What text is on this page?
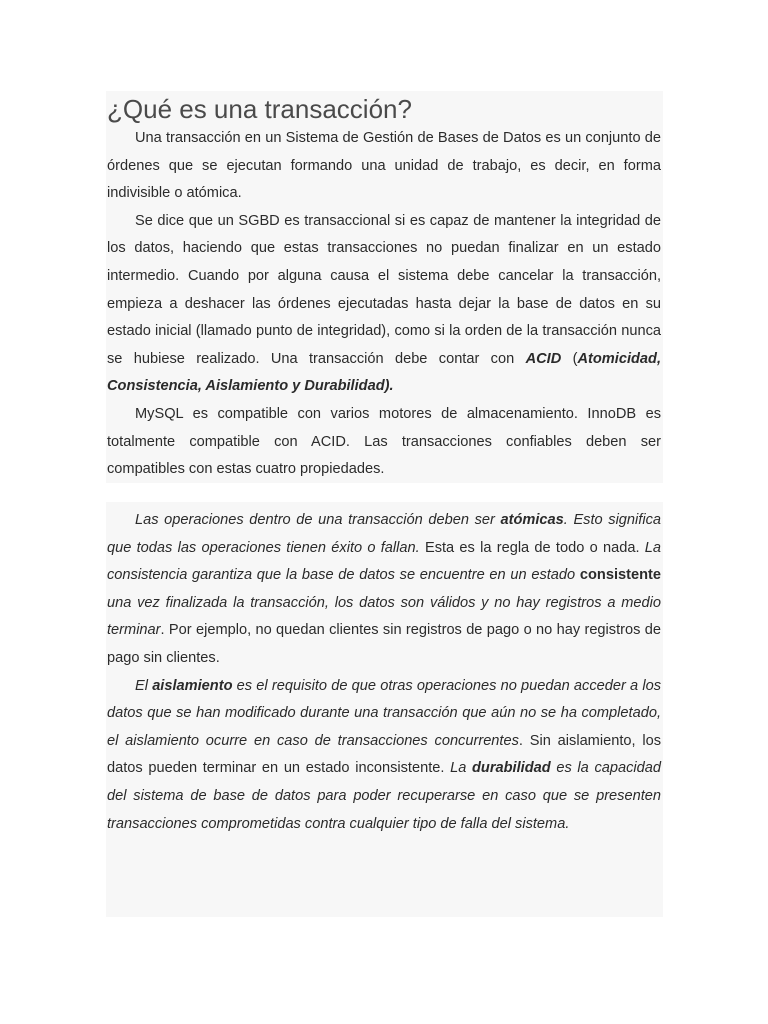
¿Qué es una transacción?

Una transacción en un Sistema de Gestión de Bases de Datos es un conjunto de órdenes que se ejecutan formando una unidad de trabajo, es decir, en forma indivisible o atómica.

Se dice que un SGBD es transaccional si es capaz de mantener la integridad de los datos, haciendo que estas transacciones no puedan finalizar en un estado intermedio. Cuando por alguna causa el sistema debe cancelar la transacción, empieza a deshacer las órdenes ejecutadas hasta dejar la base de datos en su estado inicial (llamado punto de integridad), como si la orden de la transacción nunca se hubiese realizado. Una transacción debe contar con ACID (Atomicidad, Consistencia, Aislamiento y Durabilidad).

MySQL es compatible con varios motores de almacenamiento. InnoDB es totalmente compatible con ACID. Las transacciones confiables deben ser compatibles con estas cuatro propiedades.

Las operaciones dentro de una transacción deben ser atómicas. Esto significa que todas las operaciones tienen éxito o fallan. Esta es la regla de todo o nada. La consistencia garantiza que la base de datos se encuentre en un estado consistente una vez finalizada la transacción, los datos son válidos y no hay registros a medio terminar. Por ejemplo, no quedan clientes sin registros de pago o no hay registros de pago sin clientes.

El aislamiento es el requisito de que otras operaciones no puedan acceder a los datos que se han modificado durante una transacción que aún no se ha completado, el aislamiento ocurre en caso de transacciones concurrentes. Sin aislamiento, los datos pueden terminar en un estado inconsistente. La durabilidad es la capacidad del sistema de base de datos para poder recuperarse en caso que se presenten transacciones comprometidas contra cualquier tipo de falla del sistema.
